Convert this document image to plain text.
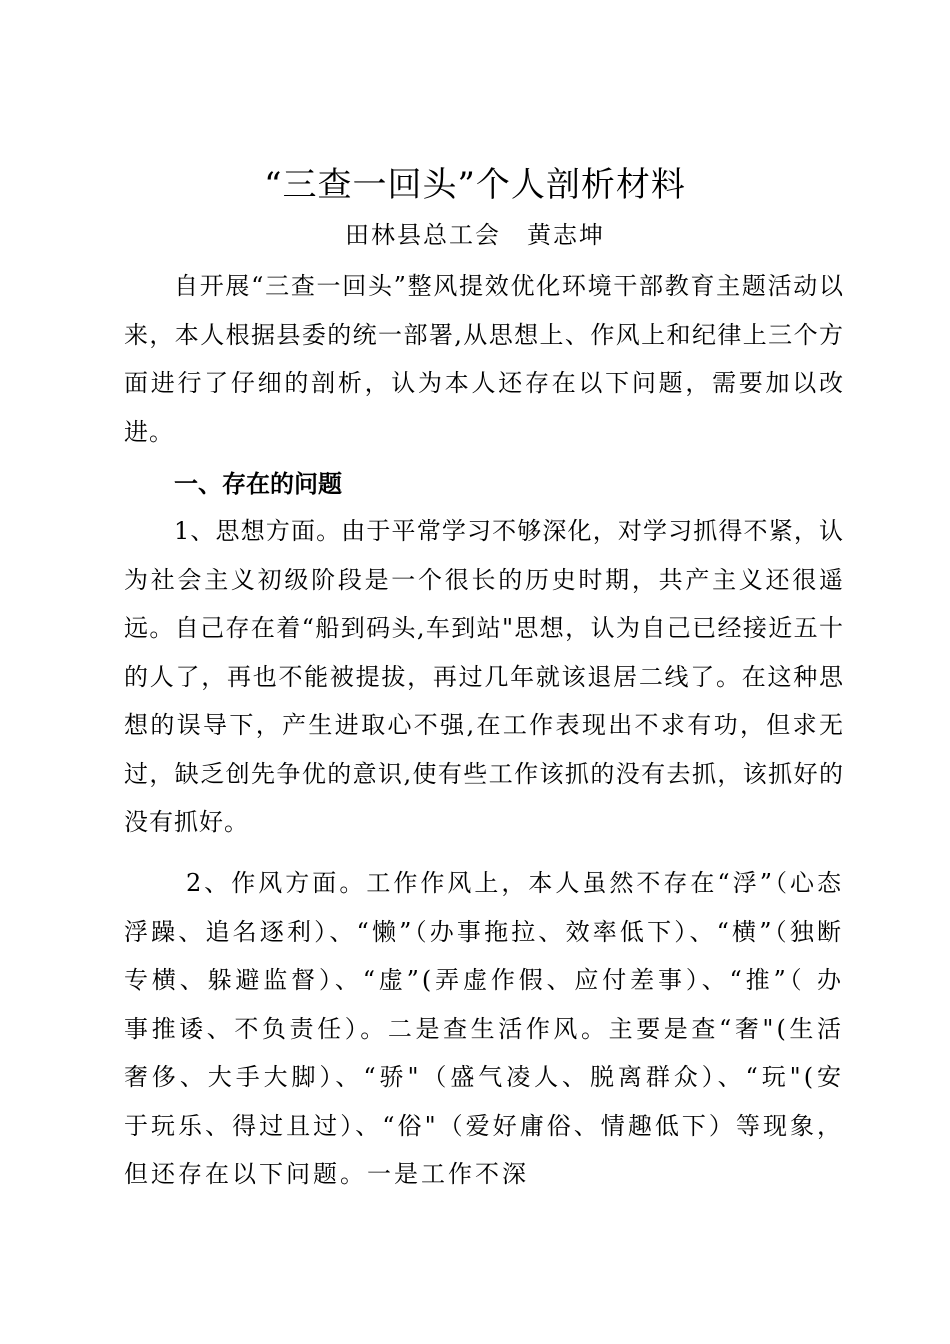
“三查一回头”个人剖析材料
田林县总工会　黄志坤

自开展“三查一回头”整风提效优化环境干部教育主题活动以来，本人根据县委的统一部署,从思想上、作风上和纪律上三个方面进行了仔细的剖析，认为本人还存在以下问题，需要加以改进。

一、存在的问题

1、思想方面。由于平常学习不够深化，对学习抓得不紧，认为社会主义初级阶段是一个很长的历史时期，共产主义还很遥远。自己存在着“船到码头,车到站"思想，认为自己已经接近五十的人了，再也不能被提拔，再过几年就该退居二线了。在这种思想的误导下，产生进取心不强,在工作表现出不求有功，但求无过，缺乏创先争优的意识,使有些工作该抓的没有去抓，该抓好的没有抓好。

2、作风方面。工作作风上，本人虽然不存在“浮”（心态浮躁、追名逐利）、“懒”（办事拖拉、效率低下）、“横”（独断专横、躲避监督）、“虚”(弄虚作假、应付差事）、“推”（ 办事推诿、不负责任）。二是查生活作风。主要是查“奢"(生活奢侈、大手大脚）、“骄"（盛气凌人、脱离群众）、“玩"(安于玩乐、得过且过）、“俗"（爱好庸俗、情趣低下）等现象，但还存在以下问题。一是工作不深
